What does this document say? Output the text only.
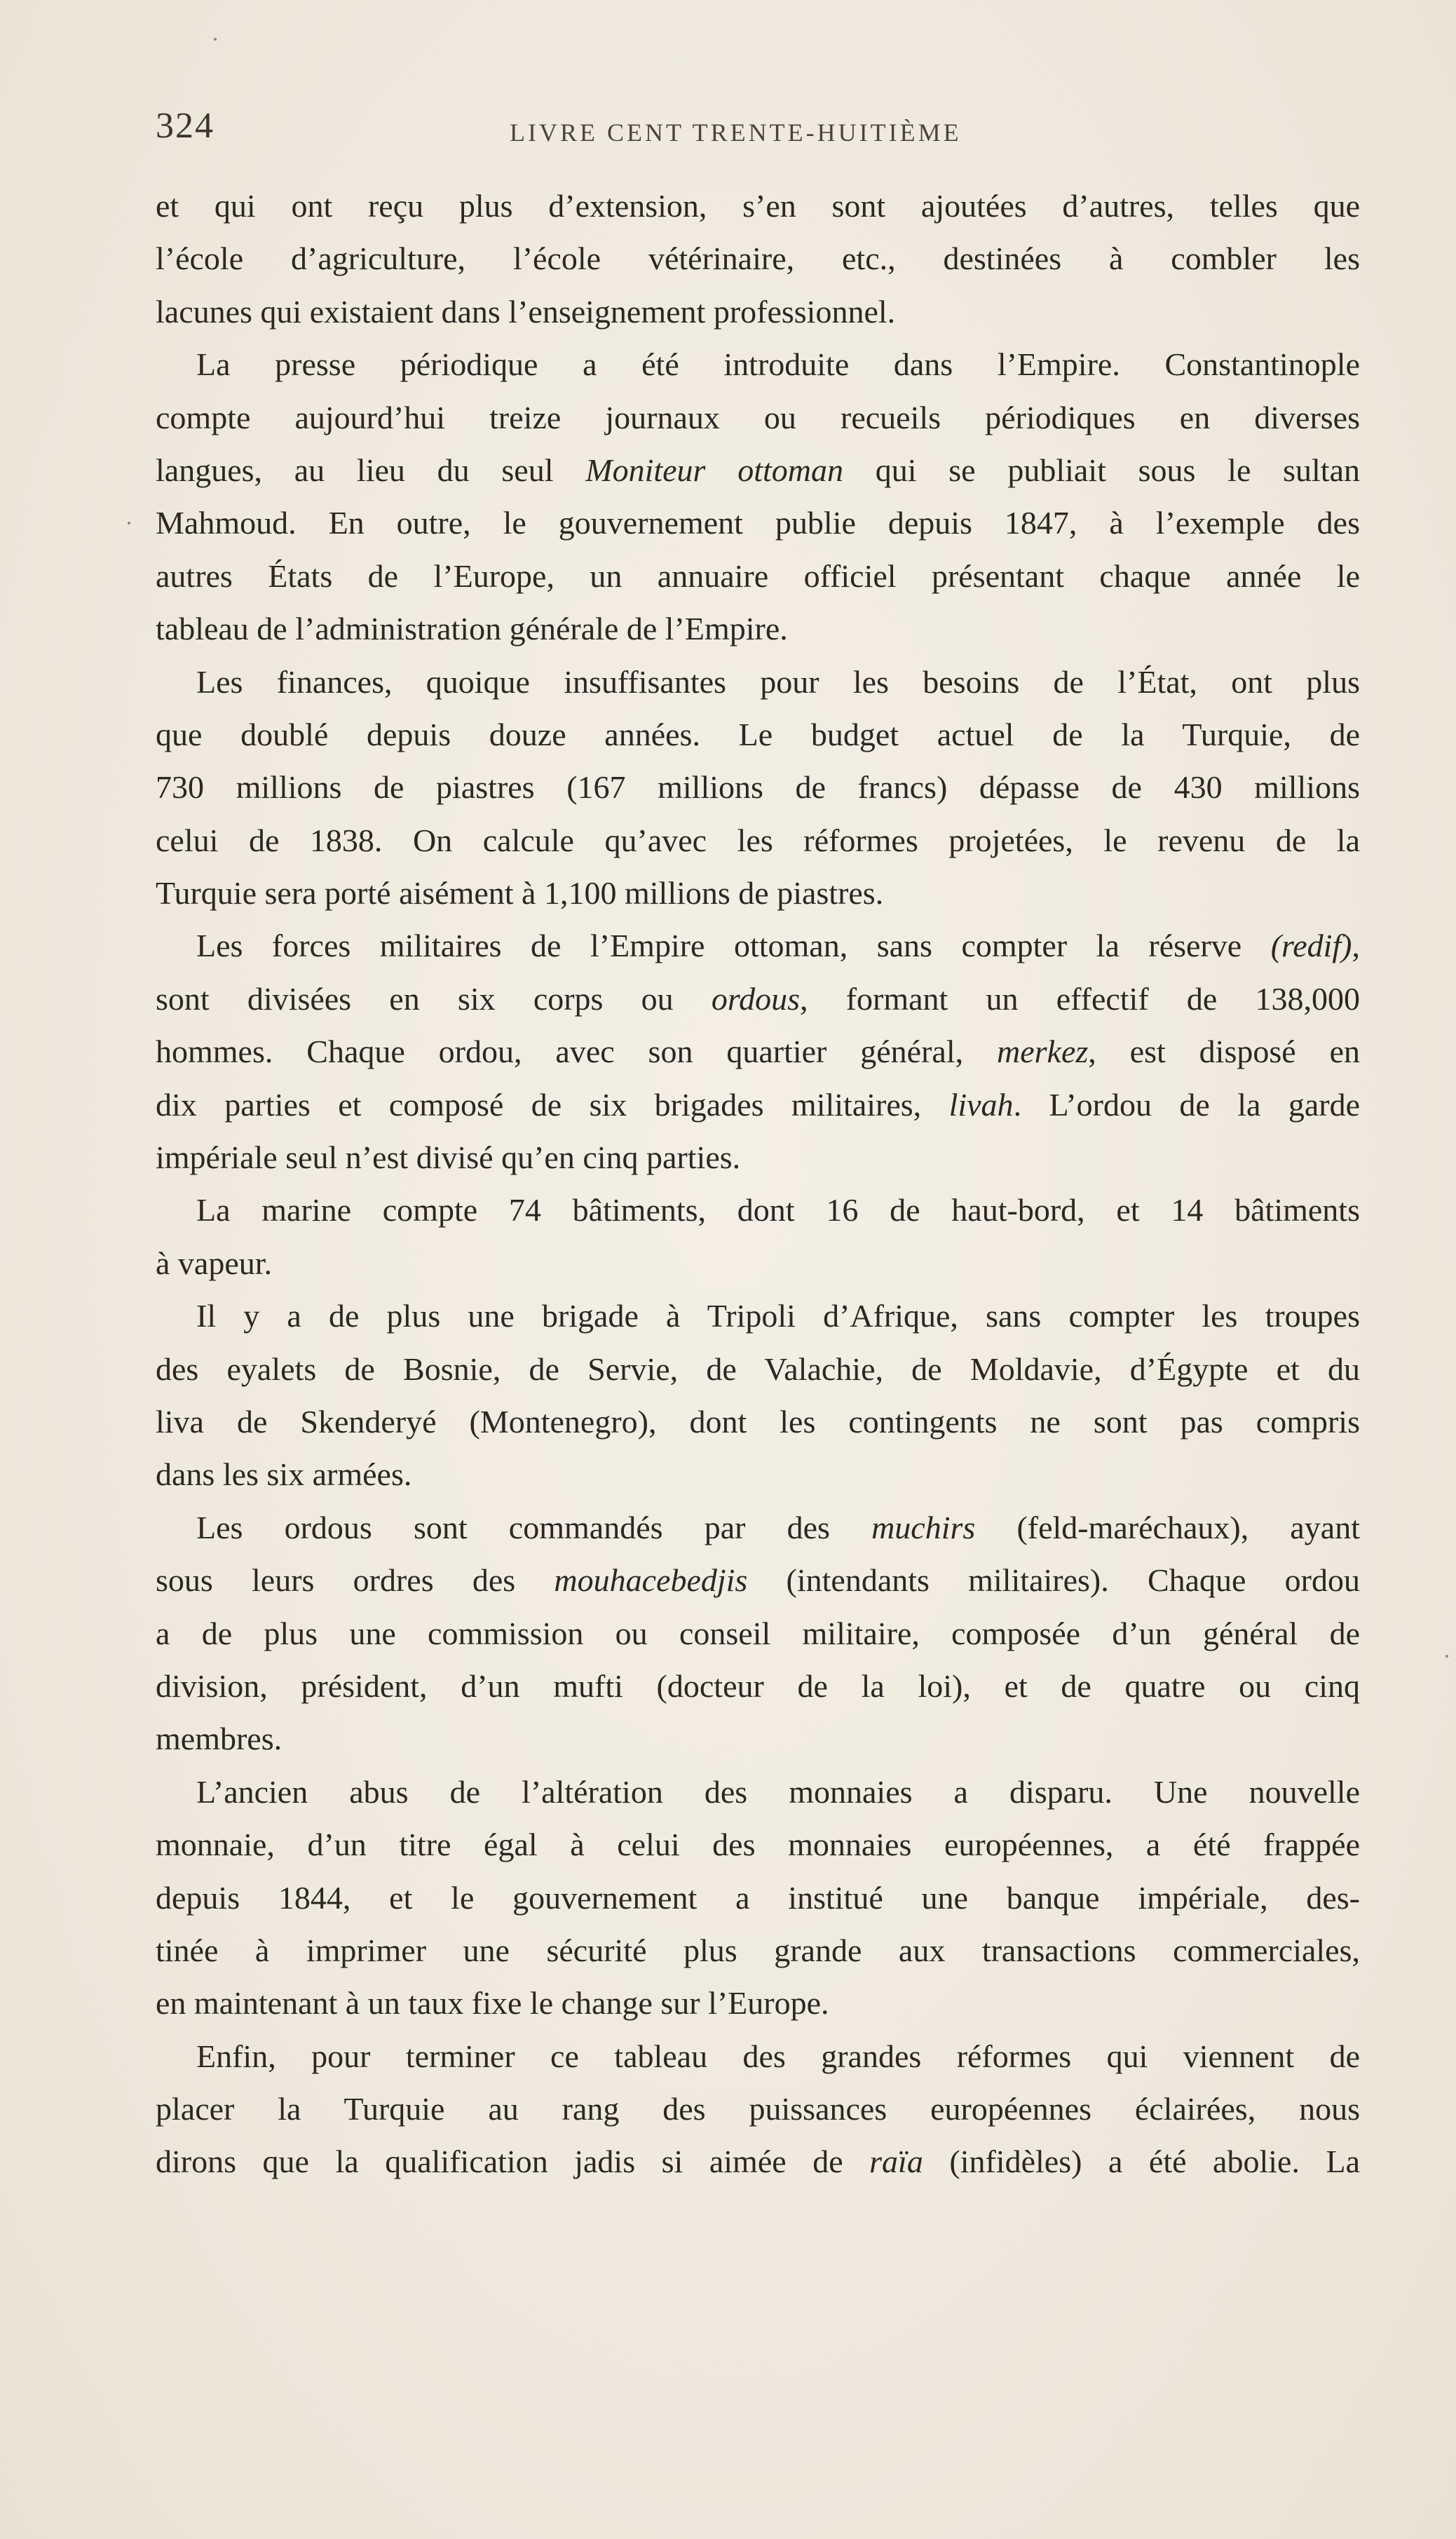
324	LIVRE CENT TRENTE-HUITIÈME
et qui ont reçu plus d’extension, s’en sont ajoutées d’autres, telles que
l’école d’agriculture, l’école vétérinaire, etc., destinées à combler les
lacunes qui existaient dans l’enseignement professionnel.
La presse périodique a été introduite dans l’Empire. Constantinople
compte aujourd’hui treize journaux ou recueils périodiques en diverses
langues, au lieu du seul Moniteur ottoman qui se publiait sous le sultan
Mahmoud. En outre, le gouvernement publie depuis 1847, à l’exemple des
autres États de l’Europe, un annuaire officiel présentant chaque année le
tableau de l’administration générale de l’Empire.
Les finances, quoique insuffisantes pour les besoins de l’État, ont plus
que doublé depuis douze années. Le budget actuel de la Turquie, de
730 millions de piastres (167 millions de francs) dépasse de 430 millions
celui de 1838. On calcule qu’avec les réformes projetées, le revenu de la
Turquie sera porté aisément à 1,100 millions de piastres.
Les forces militaires de l’Empire ottoman, sans compter la réserve (redif),
sont divisées en six corps ou ordous, formant un effectif de 138,000
hommes. Chaque ordou, avec son quartier général, merkez, est disposé en
dix parties et composé de six brigades militaires, livah. L’ordou de la garde
impériale seul n’est divisé qu’en cinq parties.
La marine compte 74 bâtiments, dont 16 de haut-bord, et 14 bâtiments
à vapeur.
Il y a de plus une brigade à Tripoli d’Afrique, sans compter les troupes
des eyalets de Bosnie, de Servie, de Valachie, de Moldavie, d’Égypte et du
liva de Skenderyé (Montenegro), dont les contingents ne sont pas compris
dans les six armées.
Les ordous sont commandés par des muchirs (feld-maréchaux), ayant
sous leurs ordres des mouhacebedjis (intendants militaires). Chaque ordou
a de plus une commission ou conseil militaire, composée d’un général de
division, président, d’un mufti (docteur de la loi), et de quatre ou cinq
membres.
L’ancien abus de l’altération des monnaies a disparu. Une nouvelle
monnaie, d’un titre égal à celui des monnaies européennes, a été frappée
depuis 1844, et le gouvernement a institué une banque impériale, des-
tinée à imprimer une sécurité plus grande aux transactions commerciales,
en maintenant à un taux fixe le change sur l’Europe.
Enfin, pour terminer ce tableau des grandes réformes qui viennent de
placer la Turquie au rang des puissances européennes éclairées, nous
dirons que la qualification jadis si aimée de raïa (infidèles) a été abolie. La
